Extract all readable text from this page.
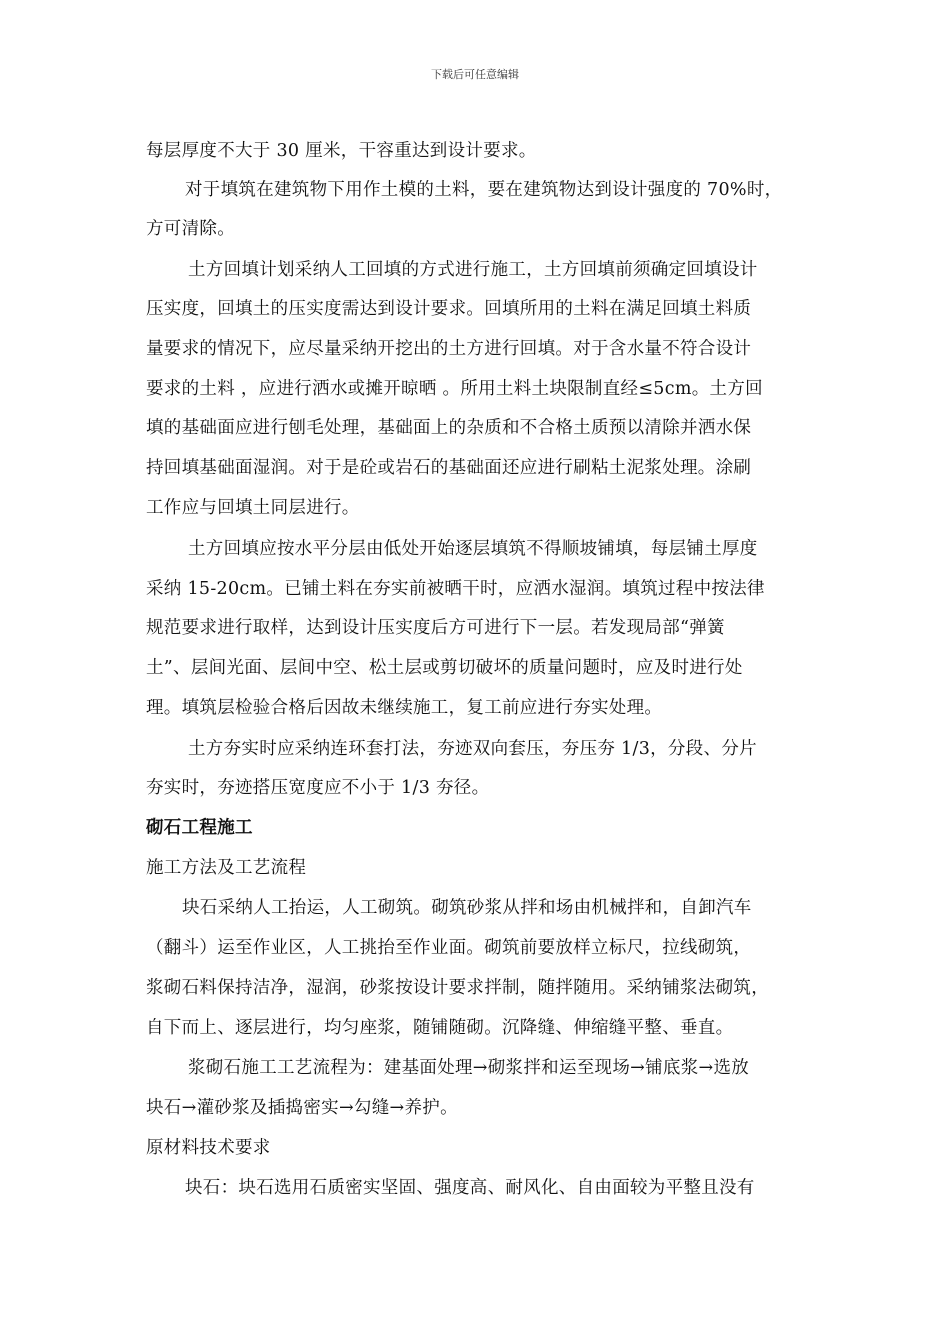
下载后可任意编辑
每层厚度不大于 30 厘米，干容重达到设计要求。
对于填筑在建筑物下用作土模的土料，要在建筑物达到设计强度的 70%时，
方可清除。
土方回填计划采纳人工回填的方式进行施工，土方回填前须确定回填设计
压实度，回填土的压实度需达到设计要求。回填所用的土料在满足回填土料质
量要求的情况下，应尽量采纳开挖出的土方进行回填。对于含水量不符合设计
要求的土料 ，应进行洒水或摊开晾晒 。所用土料土块限制直经≤5cm。土方回
填的基础面应进行刨毛处理，基础面上的杂质和不合格土质预以清除并洒水保
持回填基础面湿润。对于是砼或岩石的基础面还应进行刷粘土泥浆处理。涂刷
工作应与回填土同层进行。
土方回填应按水平分层由低处开始逐层填筑不得顺坡铺填，每层铺土厚度
采纳 15-20cm。已铺土料在夯实前被晒干时，应洒水湿润。填筑过程中按法律
规范要求进行取样，达到设计压实度后方可进行下一层。若发现局部“弹簧
土”、层间光面、层间中空、松土层或剪切破坏的质量问题时，应及时进行处
理。填筑层检验合格后因故未继续施工，复工前应进行夯实处理。
土方夯实时应采纳连环套打法，夯迹双向套压，夯压夯 1/3，分段、分片
夯实时，夯迹搭压宽度应不小于 1/3 夯径。
砌石工程施工
施工方法及工艺流程
块石采纳人工抬运，人工砌筑。砌筑砂浆从拌和场由机械拌和，自卸汽车
（翻斗）运至作业区，人工挑抬至作业面。砌筑前要放样立标尺，拉线砌筑，
浆砌石料保持洁净，湿润，砂浆按设计要求拌制，随拌随用。采纳铺浆法砌筑，
自下而上、逐层进行，均匀座浆，随铺随砌。沉降缝、伸缩缝平整、垂直。
浆砌石施工工艺流程为：建基面处理→砌浆拌和运至现场→铺底浆→选放
块石→灌砂浆及插捣密实→勾缝→养护。
原材料技术要求
块石：块石选用石质密实坚固、强度高、耐风化、自由面较为平整且没有
